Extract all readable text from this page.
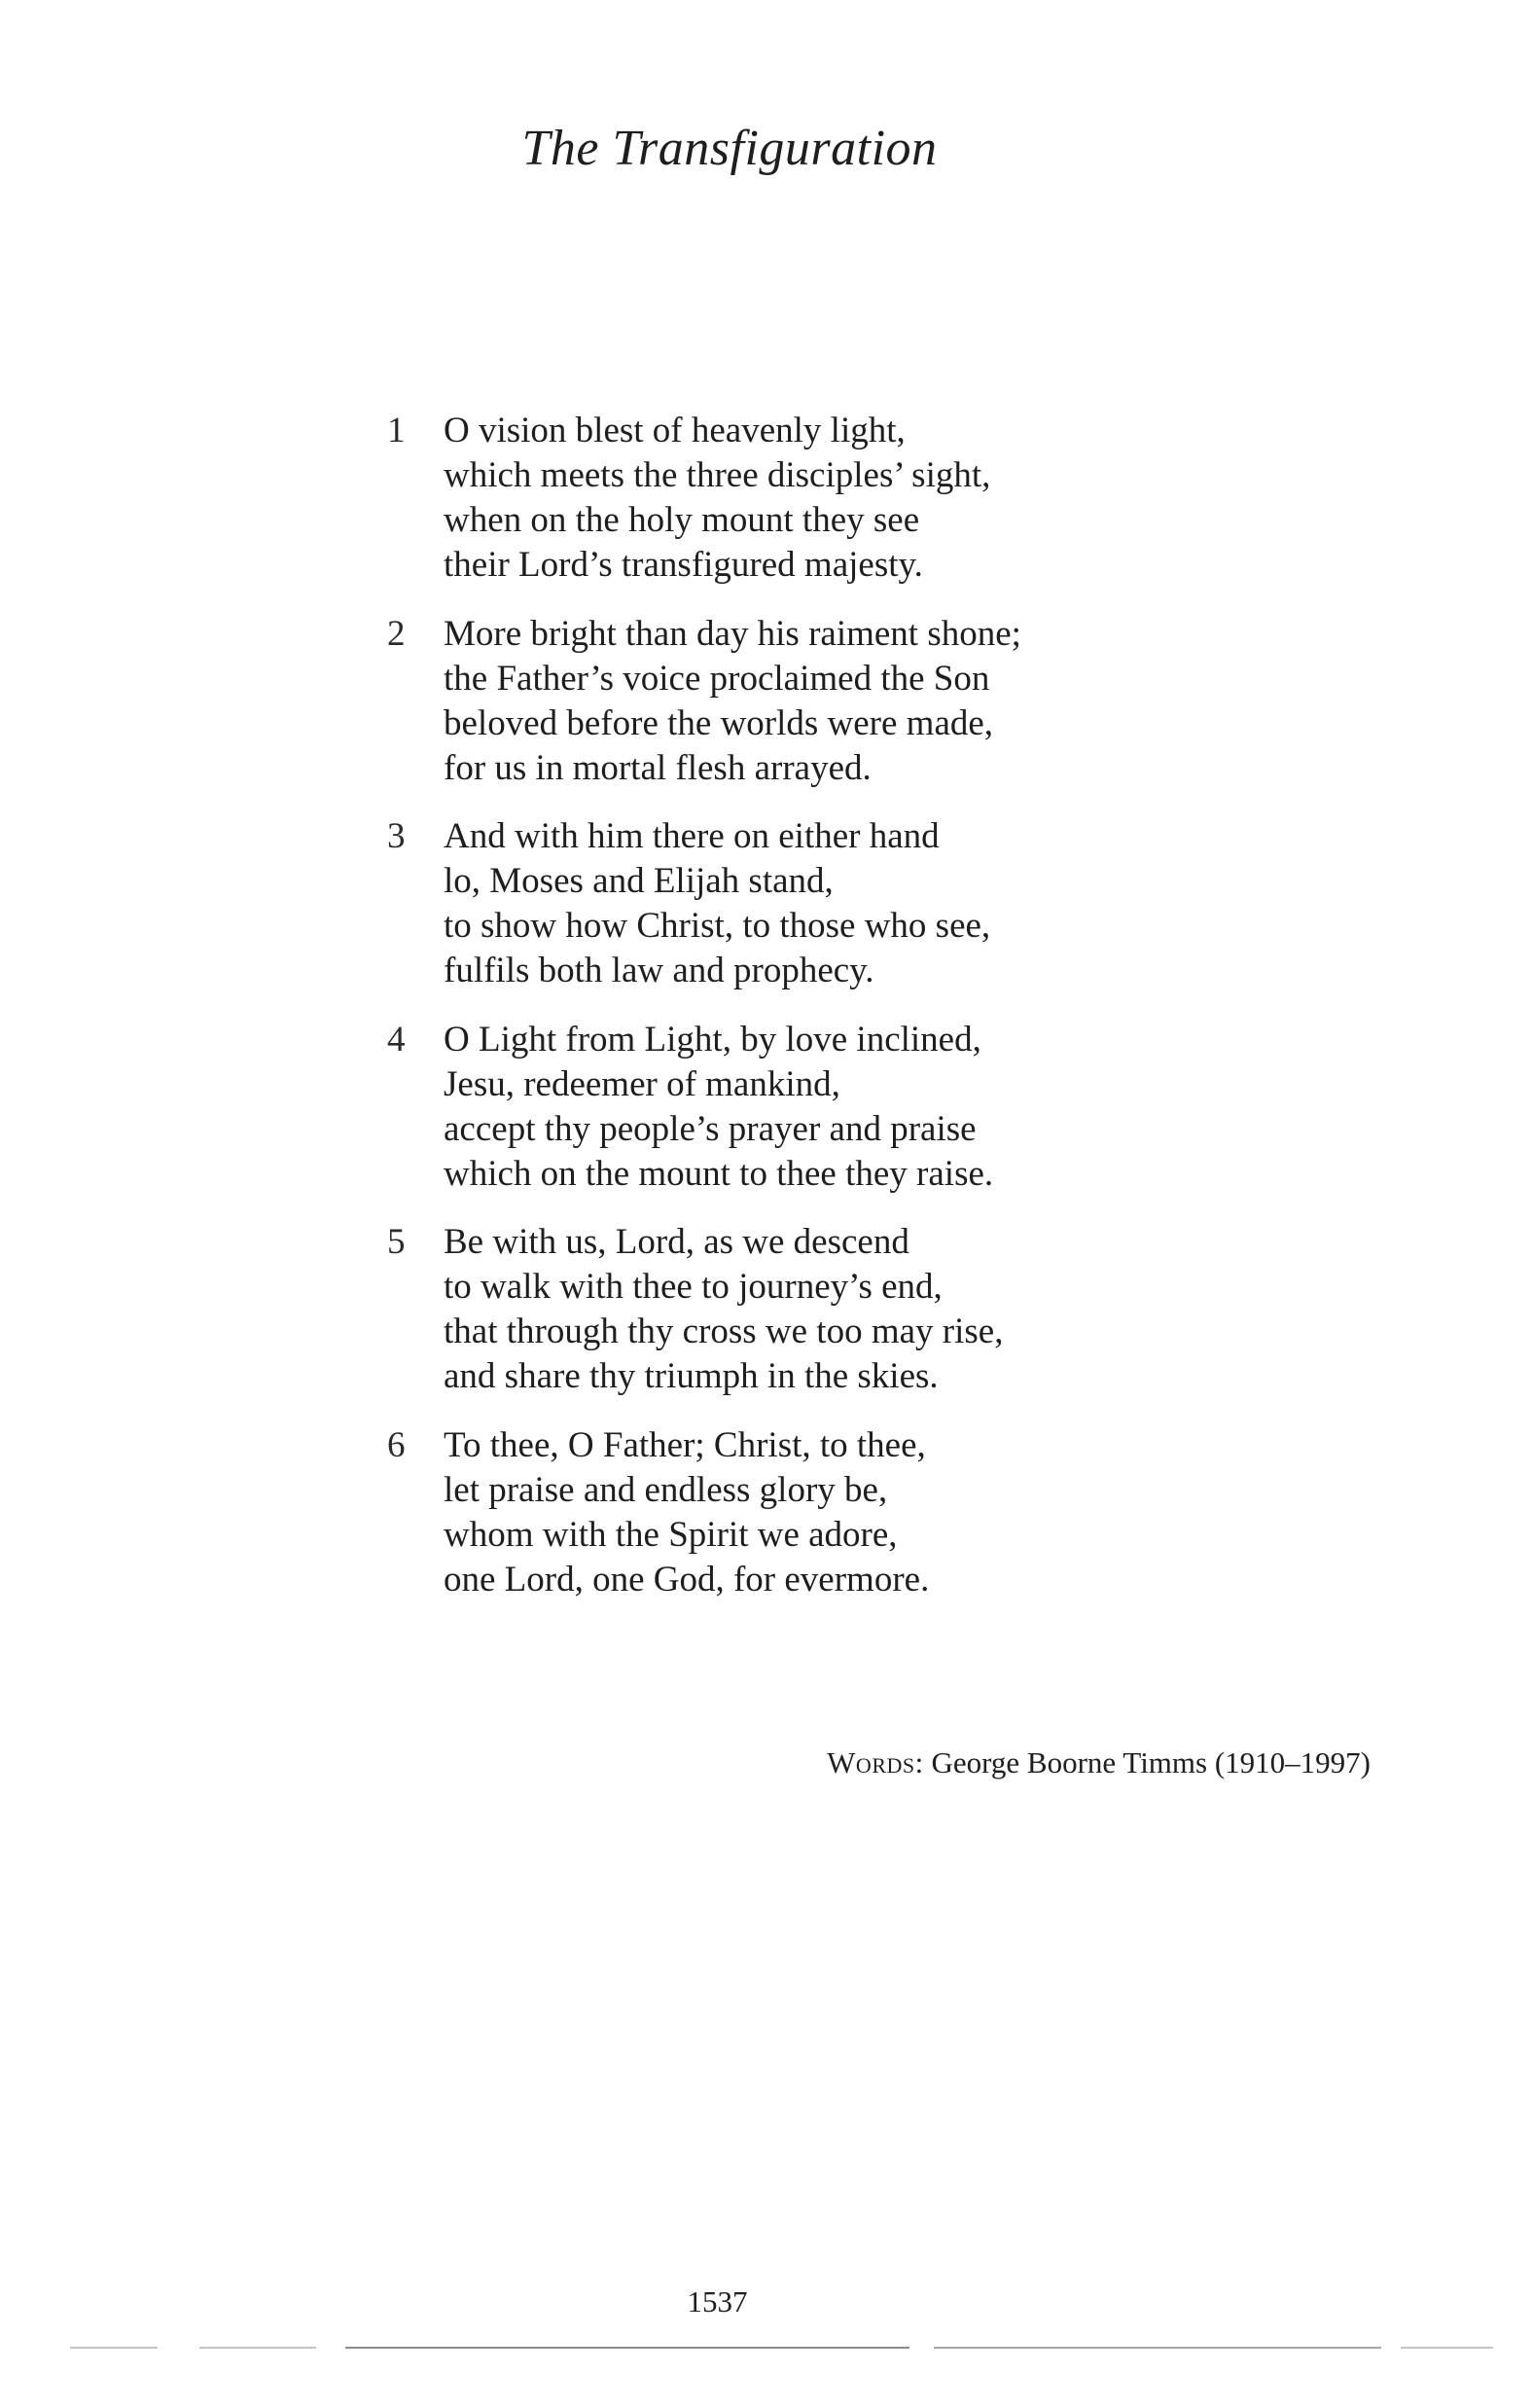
The Transfiguration
1	O vision blest of heavenly light,
which meets the three disciples’ sight,
when on the holy mount they see
their Lord’s transfigured majesty.
2	More bright than day his raiment shone;
the Father’s voice proclaimed the Son
beloved before the worlds were made,
for us in mortal flesh arrayed.
3	And with him there on either hand
lo, Moses and Elijah stand,
to show how Christ, to those who see,
fulfils both law and prophecy.
4	O Light from Light, by love inclined,
Jesu, redeemer of mankind,
accept thy people’s prayer and praise
which on the mount to thee they raise.
5	Be with us, Lord, as we descend
to walk with thee to journey’s end,
that through thy cross we too may rise,
and share thy triumph in the skies.
6	To thee, O Father; Christ, to thee,
let praise and endless glory be,
whom with the Spirit we adore,
one Lord, one God, for evermore.
Words: George Boorne Timms (1910–1997)
1537
